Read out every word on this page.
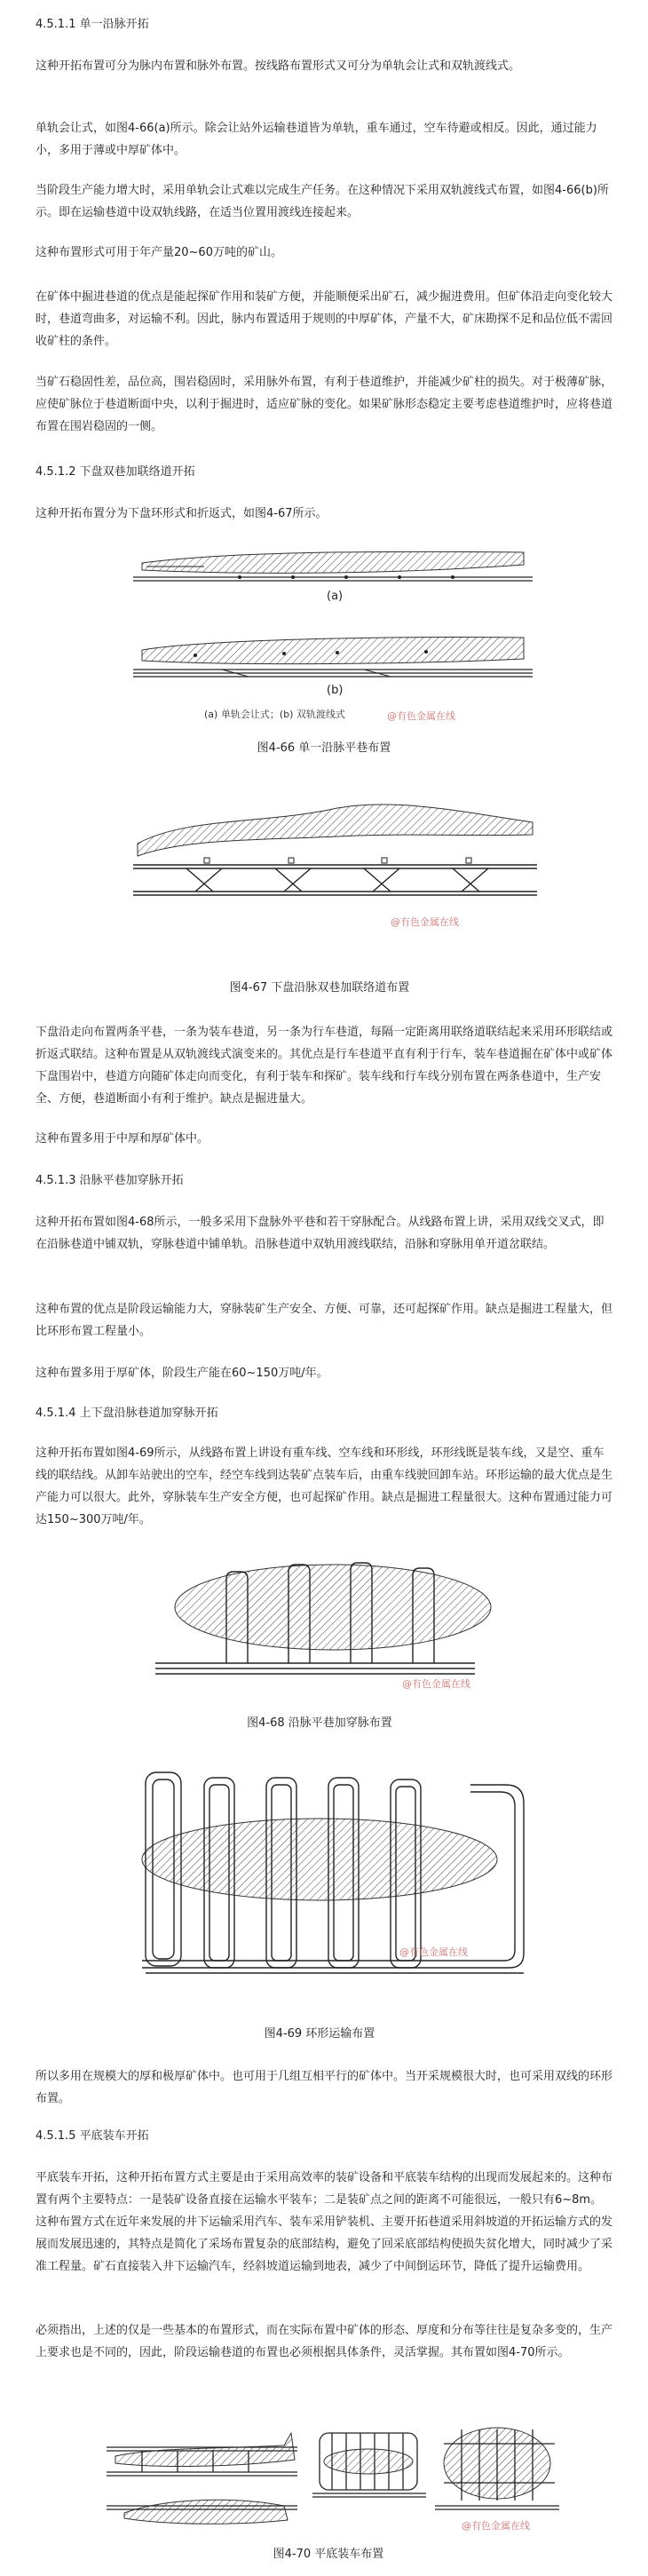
4.5.1.1 单一沿脉开拓

这种开拓布置可分为脉内布置和脉外布置。按线路布置形式又可分为单轨会让式和双轨渡线式。

单轨会让式，如图4-66(a)所示。除会让站外运输巷道皆为单轨，重车通过，空车待避或相反。因此，通过能力小，多用于薄或中厚矿体中。

当阶段生产能力增大时，采用单轨会让式难以完成生产任务。在这种情况下采用双轨渡线式布置，如图4-66(b)所示。即在运输巷道中设双轨线路，在适当位置用渡线连接起来。

这种布置形式可用于年产量20~60万吨的矿山。

在矿体中掘进巷道的优点是能起探矿作用和装矿方便，并能顺便采出矿石，减少掘进费用。但矿体沿走向变化较大时，巷道弯曲多，对运输不利。因此，脉内布置适用于规则的中厚矿体，产量不大，矿床勘探不足和品位低不需回收矿柱的条件。

当矿石稳固性差，品位高，围岩稳固时，采用脉外布置，有利于巷道维护，并能减少矿柱的损失。对于极薄矿脉，应使矿脉位于巷道断面中央，以利于掘进时，适应矿脉的变化。如果矿脉形态稳定主要考虑巷道维护时，应将巷道布置在围岩稳固的一侧。

4.5.1.2 下盘双巷加联络道开拓

这种开拓布置分为下盘环形式和折返式，如图4-67所示。

(a)
(b)
(a) 单轨会让式；(b) 双轨渡线式	@有色金属在线

图4-66 单一沿脉平巷布置

@有色金属在线

图4-67 下盘沿脉双巷加联络道布置

下盘沿走向布置两条平巷，一条为装车巷道，另一条为行车巷道，每隔一定距离用联络道联结起来采用环形联结或折返式联结。这种布置是从双轨渡线式演变来的。其优点是行车巷道平直有利于行车，装车巷道掘在矿体中或矿体下盘围岩中，巷道方向随矿体走向而变化，有利于装车和探矿。装车线和行车线分别布置在两条巷道中，生产安全、方便，巷道断面小有利于维护。缺点是掘进量大。

这种布置多用于中厚和厚矿体中。

4.5.1.3 沿脉平巷加穿脉开拓

这种开拓布置如图4-68所示，一般多采用下盘脉外平巷和若干穿脉配合。从线路布置上讲，采用双线交叉式，即在沿脉巷道中铺双轨，穿脉巷道中铺单轨。沿脉巷道中双轨用渡线联结，沿脉和穿脉用单开道岔联结。

这种布置的优点是阶段运输能力大，穿脉装矿生产安全、方便、可靠，还可起探矿作用。缺点是掘进工程量大，但比环形布置工程量小。

这种布置多用于厚矿体，阶段生产能在60~150万吨/年。

4.5.1.4 上下盘沿脉巷道加穿脉开拓

这种开拓布置如图4-69所示，从线路布置上讲设有重车线、空车线和环形线，环形线既是装车线，又是空、重车线的联结线。从卸车站驶出的空车，经空车线到达装矿点装车后，由重车线驶回卸车站。环形运输的最大优点是生产能力可以很大。此外，穿脉装车生产安全方便，也可起探矿作用。缺点是掘进工程量很大。这种布置通过能力可达150~300万吨/年。

@有色金属在线

图4-68 沿脉平巷加穿脉布置

@有色金属在线

图4-69 环形运输布置

所以多用在规模大的厚和极厚矿体中。也可用于几组互相平行的矿体中。当开采规模很大时，也可采用双线的环形布置。

4.5.1.5 平底装车开拓

平底装车开拓，这种开拓布置方式主要是由于采用高效率的装矿设备和平底装车结构的出现而发展起来的。这种布置有两个主要特点：一是装矿设备直接在运输水平装车；二是装矿点之间的距离不可能很远，一般只有6~8m。这种布置方式在近年来发展的井下运输采用汽车、装车采用铲装机、主要开拓巷道采用斜坡道的开拓运输方式的发展而发展迅速的，其特点是简化了采场布置复杂的底部结构，避免了回采底部结构使损失贫化增大，同时减少了采准工程量。矿石直接装入井下运输汽车，经斜坡道运输到地表，减少了中间倒运环节，降低了提升运输费用。

必须指出，上述的仅是一些基本的布置形式，而在实际布置中矿体的形态、厚度和分布等往往是复杂多变的，生产上要求也是不同的，因此，阶段运输巷道的布置也必须根据具体条件，灵活掌握。其布置如图4-70所示。

@有色金属在线

图4-70 平底装车布置
